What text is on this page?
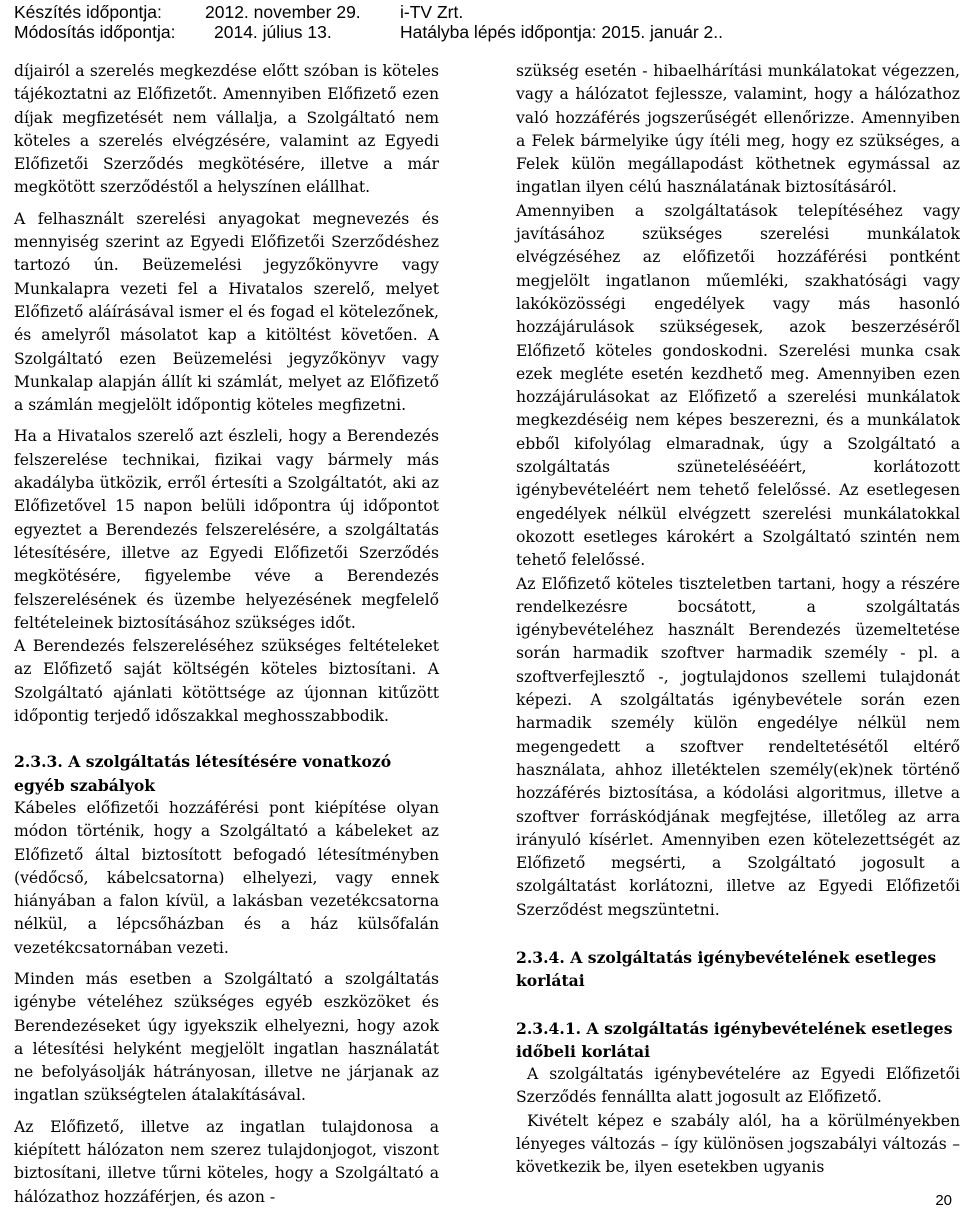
Készítés időpontja: 2012. november 29. i-TV Zrt.
Módosítás időpontja: 2014. július 13.	Hatályba lépés időpontja: 2015. január 2..

díjairól a szerelés megkezdése előtt szóban is köteles tájékoztatni az Előfizetőt. Amennyiben Előfizető ezen díjak megfizetését nem vállalja, a Szolgáltató nem köteles a szerelés elvégzésére, valamint az Egyedi Előfizetői Szerződés megkötésére, illetve a már megkötött szerződéstől a helyszínen elállhat.

A felhasznált szerelési anyagokat megnevezés és mennyiség szerint az Egyedi Előfizetői Szerződéshez tartozó ún. Beüzemelési jegyzőkönyvre vagy Munkalapra vezeti fel a Hivatalos szerelő, melyet Előfizető aláírásával ismer el és fogad el kötelezőnek, és amelyről másolatot kap a kitöltést követően. A Szolgáltató ezen Beüzemelési jegyzőkönyv vagy Munkalap alapján állít ki számlát, melyet az Előfizető a számlán megjelölt időpontig köteles megfizetni.

Ha a Hivatalos szerelő azt észleli, hogy a Berendezés felszerelése technikai, fizikai vagy bármely más akadályba ütközik, erről értesíti a Szolgáltatót, aki az Előfizetővel 15 napon belüli időpontra új időpontot egyeztet a Berendezés felszerelésére, a szolgáltatás létesítésére, illetve az Egyedi Előfizetői Szerződés megkötésére, figyelembe véve a Berendezés felszerelésének és üzembe helyezésének megfelelő feltételeinek biztosításához szükséges időt.

A Berendezés felszereléséhez szükséges feltételeket az Előfizető saját költségén köteles biztosítani. A Szolgáltató ajánlati kötöttsége az újonnan kitűzött időpontig terjedő időszakkal meghosszabbodik.

2.3.3. A szolgáltatás létesítésére vonatkozó egyéb szabályok

Kábeles előfizetői hozzáférési pont kiépítése olyan módon történik, hogy a Szolgáltató a kábeleket az Előfizető által biztosított befogadó létesítményben (védőcső, kábelcsatorna) elhelyezi, vagy ennek hiányában a falon kívül, a lakásban vezetékcsatorna nélkül, a lépcsőházban és a ház külsőfalán vezetékcsatornában vezeti.

Minden más esetben a Szolgáltató a szolgáltatás igénybe vételéhez szükséges egyéb eszközöket és Berendezéseket úgy igyekszik elhelyezni, hogy azok a létesítési helyként megjelölt ingatlan használatát ne befolyásolják hátrányosan, illetve ne járjanak az ingatlan szükségtelen átalakításával.

Az Előfizető, illetve az ingatlan tulajdonosa a kiépített hálózaton nem szerez tulajdonjogot, viszont biztosítani, illetve tűrni köteles, hogy a Szolgáltató a hálózathoz hozzáférjen, és azon -

szükség esetén - hibaelhárítási munkálatokat végezzen, vagy a hálózatot fejlessze, valamint, hogy a hálózathoz való hozzáférés jogszerűségét ellenőrizze. Amennyiben a Felek bármelyike úgy ítéli meg, hogy ez szükséges, a Felek külön megállapodást köthetnek egymással az ingatlan ilyen célú használatának biztosításáról.

Amennyiben a szolgáltatások telepítéséhez vagy javításához szükséges szerelési munkálatok elvégzéséhez az előfizetői hozzáférési pontként megjelölt ingatlanon műemléki, szakhatósági vagy lakóközösségi engedélyek vagy más hasonló hozzájárulások szükségesek, azok beszerzéséről Előfizető köteles gondoskodni. Szerelési munka csak ezek megléte esetén kezdhető meg. Amennyiben ezen hozzájárulásokat az Előfizető a szerelési munkálatok megkezdéséig nem képes beszerezni, és a munkálatok ebből kifolyólag elmaradnak, úgy a Szolgáltató a szolgáltatás szünetelésééért, korlátozott igénybevételéért nem tehető felelőssé. Az esetlegesen engedélyek nélkül elvégzett szerelési munkálatokkal okozott esetleges károkért a Szolgáltató szintén nem tehető felelőssé.

Az Előfizető köteles tiszteletben tartani, hogy a részére rendelkezésre bocsátott, a szolgáltatás igénybevételéhez használt Berendezés üzemeltetése során harmadik szoftver harmadik személy - pl. a szoftverfejlesztő -, jogtulajdonos szellemi tulajdonát képezi. A szolgáltatás igénybevétele során ezen harmadik személy külön engedélye nélkül nem megengedett a szoftver rendeltetésétől eltérő használata, ahhoz illetéktelen személy(ek)nek történő hozzáférés biztosítása, a kódolási algoritmus, illetve a szoftver forráskódjának megfejtése, illetőleg az arra irányuló kísérlet. Amennyiben ezen kötelezettségét az Előfizető megsérti, a Szolgáltató jogosult a szolgáltatást korlátozni, illetve az Egyedi Előfizetői Szerződést megszüntetni.

2.3.4. A szolgáltatás igénybevételének esetleges korlátai
2.3.4.1. A szolgáltatás igénybevételének esetleges időbeli korlátai

A szolgáltatás igénybevételére az Egyedi Előfizetői Szerződés fennállta alatt jogosult az Előfizető.

Kivételt képez e szabály alól, ha a körülményekben lényeges változás – így különösen jogszabályi változás – következik be, ilyen esetekben ugyanis

20
